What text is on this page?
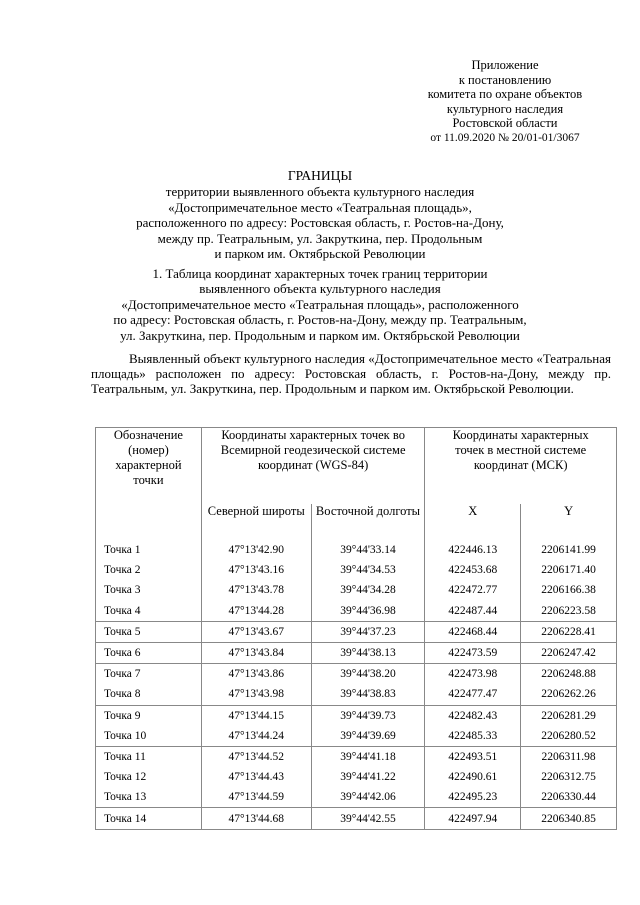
Приложение
к постановлению
комитета по охране объектов
культурного наследия
Ростовской области
от 11.09.2020 № 20/01-01/3067
ГРАНИЦЫ
территории выявленного объекта культурного наследия
«Достопримечательное место «Театральная площадь»,
расположенного по адресу: Ростовская область, г. Ростов-на-Дону,
между пр. Театральным, ул. Закруткина, пер. Продольным
и парком им. Октябрьской Революции
1. Таблица координат характерных точек границ территории
выявленного объекта культурного наследия
«Достопримечательное место «Театральная площадь», расположенного
по адресу: Ростовская область, г. Ростов-на-Дону, между пр. Театральным,
ул. Закруткина, пер. Продольным и парком им. Октябрьской Революции
Выявленный объект культурного наследия «Достопримечательное место «Театральная площадь» расположен по адресу: Ростовская область, г. Ростов-на-Дону, между пр. Театральным, ул. Закруткина, пер. Продольным и парком им. Октябрьской Революции.
Обозначение (номер) характерной точки	Координаты характерных точек во Всемирной геодезической системе координат (WGS-84)		Координаты характерных точек в местной системе координат (МСК)	
	Северной широты	Восточной долготы	X	Y
Точка 1	47°13'42.90	39°44'33.14	422446.13	2206141.99
Точка 2	47°13'43.16	39°44'34.53	422453.68	2206171.40
Точка 3	47°13'43.78	39°44'34.28	422472.77	2206166.38
Точка 4	47°13'44.28	39°44'36.98	422487.44	2206223.58
Точка 5	47°13'43.67	39°44'37.23	422468.44	2206228.41
Точка 6	47°13'43.84	39°44'38.13	422473.59	2206247.42
Точка 7	47°13'43.86	39°44'38.20	422473.98	2206248.88
Точка 8	47°13'43.98	39°44'38.83	422477.47	2206262.26
Точка 9	47°13'44.15	39°44'39.73	422482.43	2206281.29
Точка 10	47°13'44.24	39°44'39.69	422485.33	2206280.52
Точка 11	47°13'44.52	39°44'41.18	422493.51	2206311.98
Точка 12	47°13'44.43	39°44'41.22	422490.61	2206312.75
Точка 13	47°13'44.59	39°44'42.06	422495.23	2206330.44
Точка 14	47°13'44.68	39°44'42.55	422497.94	2206340.85
